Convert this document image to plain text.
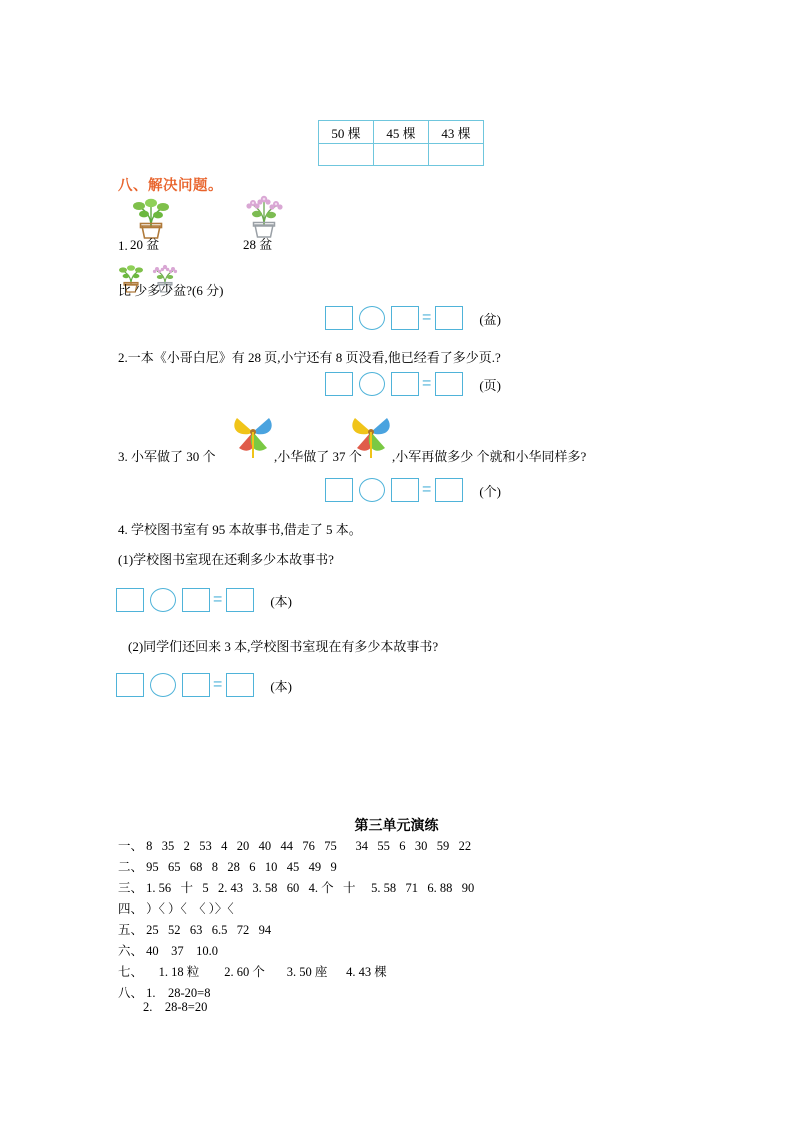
50 棵	45 棵	43 棵

八、解决问题。
1. 20 盆	28 盆
比 少多少盆?(6 分)
=	(盆)
2.一本《小哥白尼》有 28 页,小宁还有 8 页没看,他已经看了多少页.?
=	(页)
3. 小军做了 30 个	,小华做了 37 个 ,小军再做多少 个就和小华同样多?
=	(个)
4. 学校图书室有 95 本故事书,借走了 5 本。
(1)学校图书室现在还剩多少本故事书?
=	(本)
(2)同学们还回来 3 本,学校图书室现在有多少本故事书?
=	(本)
第三单元演练
一、 8   35   2   53   4   20   40   44   76   75      34   55   6   30   59   22
二、 95   65   68   8   28   6   10   45   49   9
三、 1. 56   十   5   2. 43   3. 58   60   4. 个   十     5. 58   71   6. 88   90
四、 ）〈 ）〈  〈 ）〉〈
五、 25   52   63   6.5   72   94
六、 40    37    10.0
七、     1. 18 粒        2. 60 个       3. 50 座      4. 43 棵
八、 1.    28-20=8
2.    28-8=20
